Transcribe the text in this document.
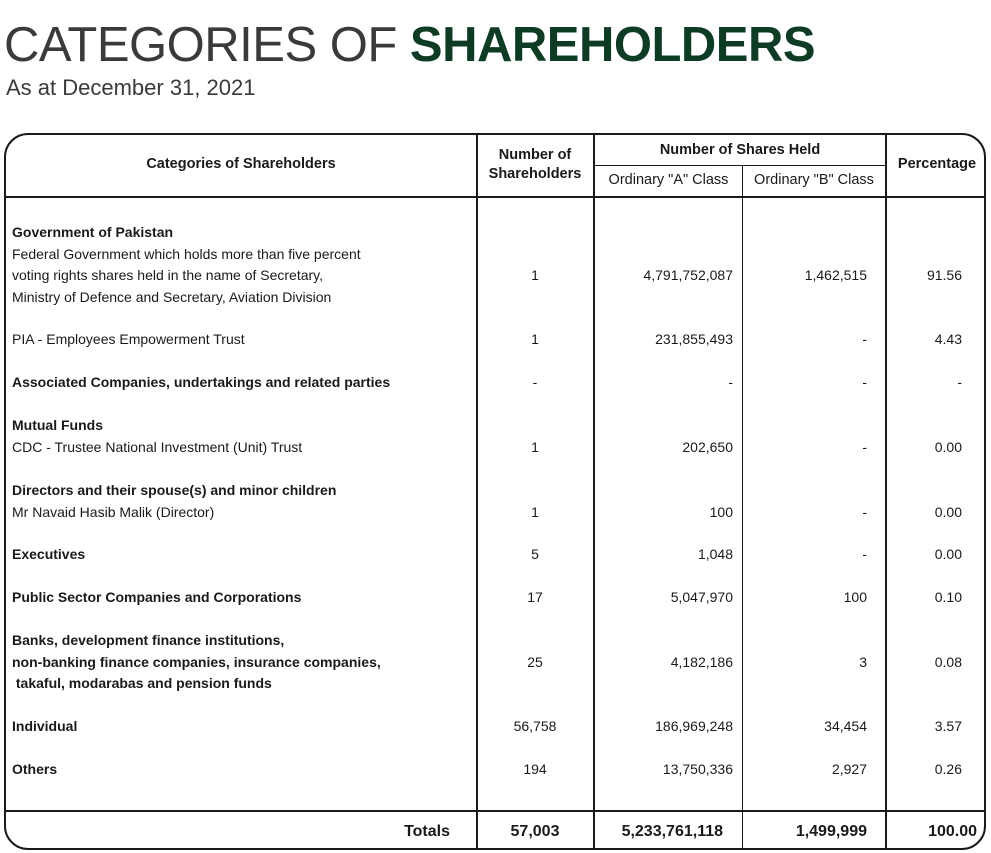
CATEGORIES OF SHAREHOLDERS
As at December 31, 2021
Categories of Shareholders
Number of
Shareholders
Number of Shares Held
Ordinary "A" Class	Ordinary "B" Class
Percentage
Government of Pakistan
Federal Government which holds more than five percent
voting rights shares held in the name of Secretary,
Ministry of Defence and Secretary, Aviation Division
1	4,791,752,087	1,462,515	91.56
PIA - Employees Empowerment Trust	1	231,855,493	-	4.43
Associated Companies, undertakings and related parties	-	-	-	-
Mutual Funds
CDC - Trustee National Investment (Unit) Trust	1	202,650	-	0.00
Directors and their spouse(s) and minor children
Mr Navaid Hasib Malik (Director)	1	100	-	0.00
Executives	5	1,048	-	0.00
Public Sector Companies and Corporations	17	5,047,970	100	0.10
Banks, development finance institutions,
non-banking finance companies, insurance companies,
takaful, modarabas and pension funds
25	4,182,186	3	0.08
Individual	56,758	186,969,248	34,454	3.57
Others	194	13,750,336	2,927	0.26
Totals	57,003	5,233,761,118	1,499,999	100.00
